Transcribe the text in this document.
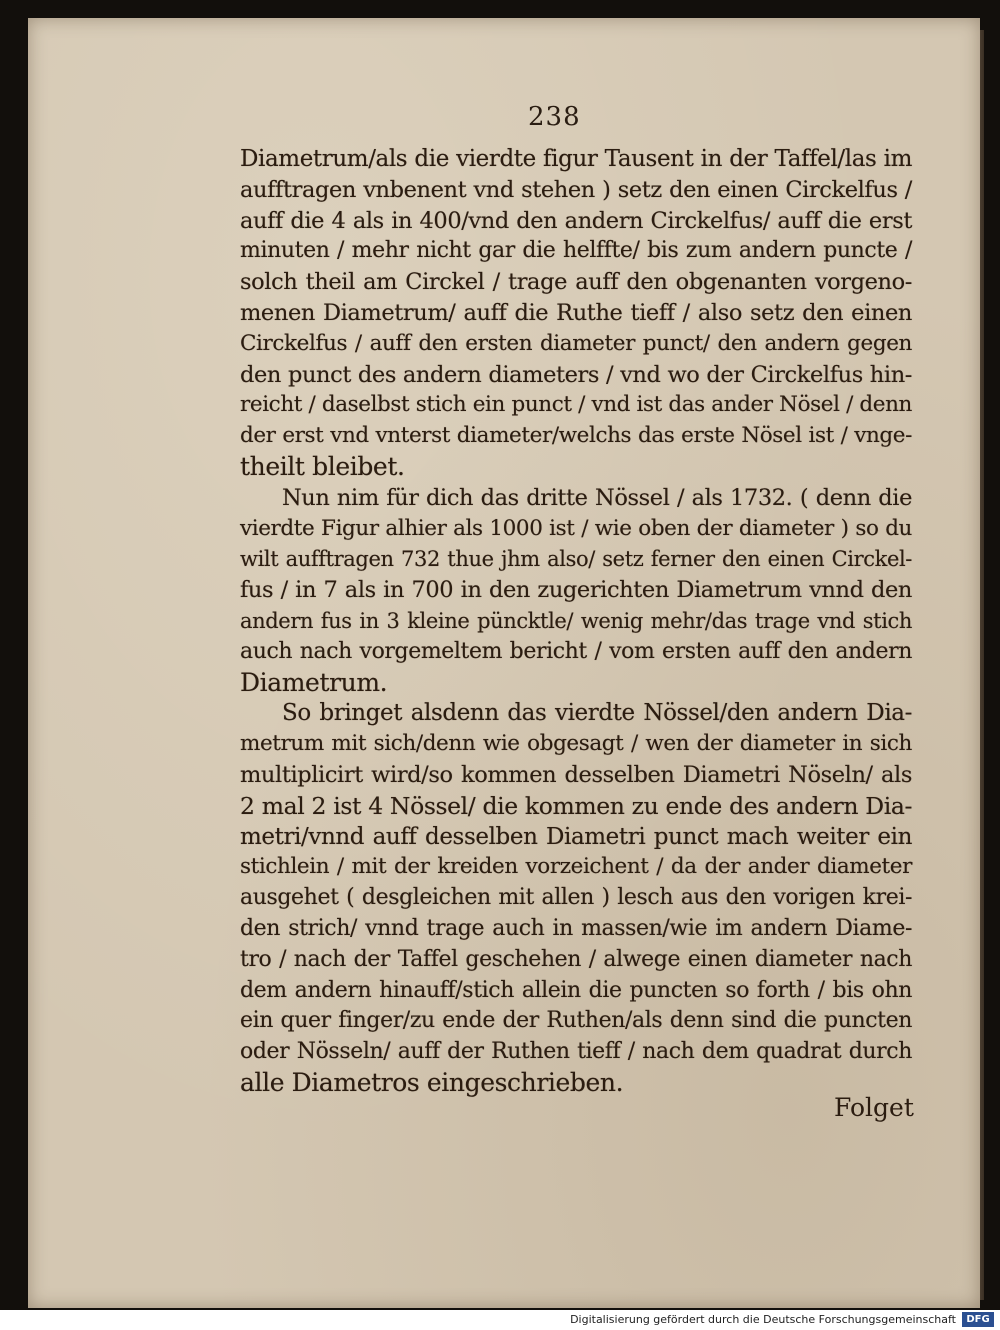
238
Diametrum/als die vierdte figur Tausent in der Taffel/las im
aufftragen vnbenent vnd stehen ) setz den einen Circkelfus /
auff die 4 als in 400/vnd den andern Circkelfus/ auff die erst
minuten / mehr nicht gar die helffte/ bis zum andern puncte /
solch theil am Circkel / trage auff den obgenanten vorgeno-
menen Diametrum/ auff die Ruthe tieff / also setz den einen
Circkelfus / auff den ersten diameter punct/ den andern gegen
den punct des andern diameters / vnd wo der Circkelfus hin-
reicht / daselbst stich ein punct / vnd ist das ander Nösel / denn
der erst vnd vnterst diameter/welchs das erste Nösel ist / vnge-
theilt bleibet.
Nun nim für dich das dritte Nössel / als 1732. ( denn die
vierdte Figur alhier als 1000 ist / wie oben der diameter ) so du
wilt aufftragen 732 thue jhm also/ setz ferner den einen Circkel-
fus / in 7 als in 700 in den zugerichten Diametrum vnnd den
andern fus in 3 kleine püncktle/ wenig mehr/das trage vnd stich
auch nach vorgemeltem bericht / vom ersten auff den andern
Diametrum.
So bringet alsdenn das vierdte Nössel/den andern Dia-
metrum mit sich/denn wie obgesagt / wen der diameter in sich
multiplicirt wird/so kommen desselben Diametri Nöseln/ als
2 mal 2 ist 4 Nössel/ die kommen zu ende des andern Dia-
metri/vnnd auff desselben Diametri punct mach weiter ein
stichlein / mit der kreiden vorzeichent / da der ander diameter
ausgehet ( desgleichen mit allen ) lesch aus den vorigen krei-
den strich/ vnnd trage auch in massen/wie im andern Diame-
tro / nach der Taffel geschehen / alwege einen diameter nach
dem andern hinauff/stich allein die puncten so forth / bis ohn
ein quer finger/zu ende der Ruthen/als denn sind die puncten
oder Nösseln/ auff der Ruthen tieff / nach dem quadrat durch
alle Diametros eingeschrieben.
Folget
Digitalisierung gefördert durch die Deutsche Forschungsgemeinschaft	DFG
